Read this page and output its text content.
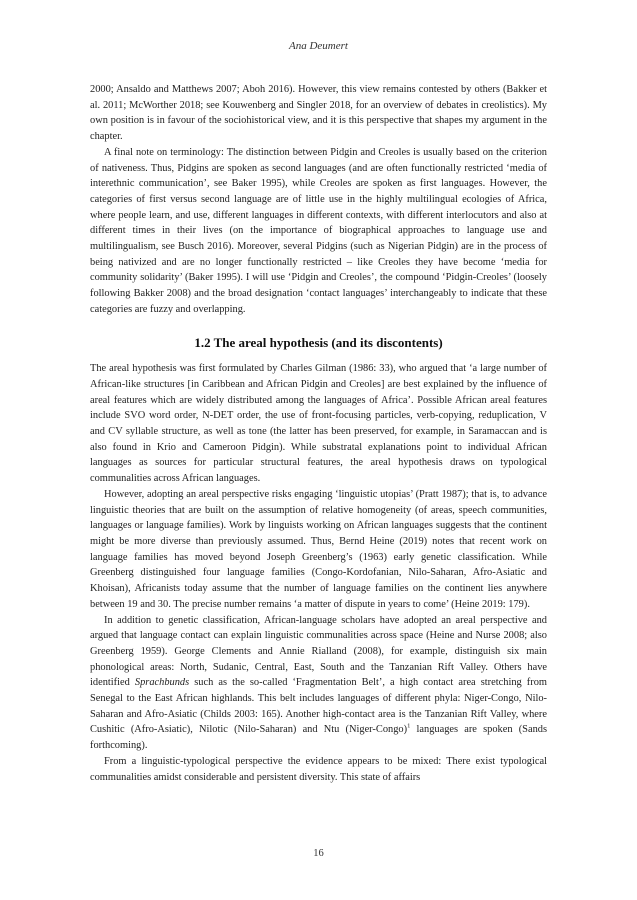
Ana Deumert

2000; Ansaldo and Matthews 2007; Aboh 2016). However, this view remains contested by others (Bakker et al. 2011; McWorther 2018; see Kouwenberg and Singler 2018, for an overview of debates in creolistics). My own position is in favour of the sociohistorical view, and it is this perspective that shapes my argument in the chapter.

A final note on terminology: The distinction between Pidgin and Creoles is usually based on the criterion of nativeness. Thus, Pidgins are spoken as second languages (and are often functionally restricted ‘media of interethnic communication’, see Baker 1995), while Creoles are spoken as first languages. However, the categories of first versus second language are of little use in the highly multilingual ecologies of Africa, where people learn, and use, different languages in different contexts, with different interlocutors and also at different times in their lives (on the importance of biographical approaches to language use and multilingualism, see Busch 2016). Moreover, several Pidgins (such as Nigerian Pidgin) are in the process of being nativized and are no longer functionally restricted – like Creoles they have become ‘media for community solidarity’ (Baker 1995). I will use ‘Pidgin and Creoles’, the compound ‘Pidgin-Creoles’ (loosely following Bakker 2008) and the broad designation ‘contact languages’ interchangeably to indicate that these categories are fuzzy and overlapping.

1.2 The areal hypothesis (and its discontents)

The areal hypothesis was first formulated by Charles Gilman (1986: 33), who argued that ‘a large number of African-like structures [in Caribbean and African Pidgin and Creoles] are best explained by the influence of areal features which are widely distributed among the languages of Africa’. Possible African areal features include SVO word order, N-DET order, the use of front-focusing particles, verb-copying, reduplication, V and CV syllable structure, as well as tone (the latter has been preserved, for example, in Saramaccan and is also found in Krio and Cameroon Pidgin). While substratal explanations point to individual African languages as sources for particular structural features, the areal hypothesis draws on typological communalities across African languages.

However, adopting an areal perspective risks engaging ‘linguistic utopias’ (Pratt 1987); that is, to advance linguistic theories that are built on the assumption of relative homogeneity (of areas, speech communities, languages or language families). Work by linguists working on African languages suggests that the continent might be more diverse than previously assumed. Thus, Bernd Heine (2019) notes that recent work on language families has moved beyond Joseph Greenberg’s (1963) early genetic classification. While Greenberg distinguished four language families (Congo-Kordofanian, Nilo-Saharan, Afro-Asiatic and Khoisan), Africanists today assume that the number of language families on the continent lies anywhere between 19 and 30. The precise number remains ‘a matter of dispute in years to come’ (Heine 2019: 179).

In addition to genetic classification, African-language scholars have adopted an areal perspective and argued that language contact can explain linguistic communalities across space (Heine and Nurse 2008; also Greenberg 1959). George Clements and Annie Rialland (2008), for example, distinguish six main phonological areas: North, Sudanic, Central, East, South and the Tanzanian Rift Valley. Others have identified Sprachbunds such as the so-called ‘Fragmentation Belt’, a high contact area stretching from Senegal to the East African highlands. This belt includes languages of different phyla: Niger-Congo, Nilo-Saharan and Afro-Asiatic (Childs 2003: 165). Another high-contact area is the Tanzanian Rift Valley, where Cushitic (Afro-Asiatic), Nilotic (Nilo-Saharan) and Ntu (Niger-Congo)$^1$ languages are spoken (Sands forthcoming).

From a linguistic-typological perspective the evidence appears to be mixed: There exist typological communalities amidst considerable and persistent diversity. This state of affairs

16
